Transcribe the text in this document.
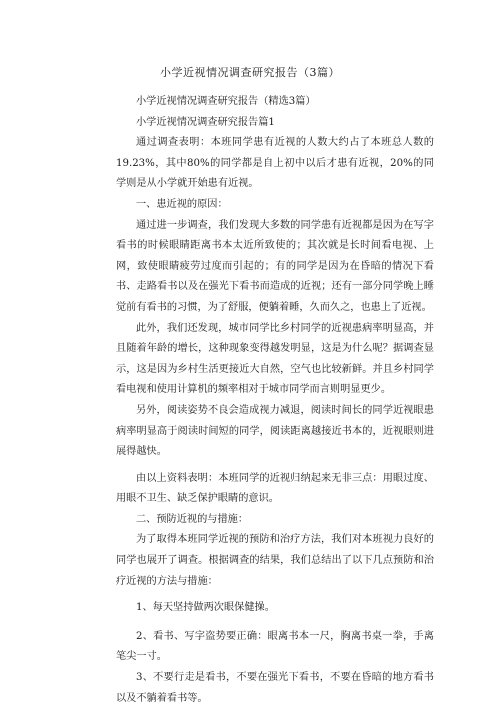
小学近视情况调查研究报告（3篇）

小学近视情况调查研究报告（精选3篇）

小学近视情况调查研究报告篇1

通过调查表明：本班同学患有近视的人数大约占了本班总人数的19.23%，其中80%的同学都是自上初中以后才患有近视，20%的同学则是从小学就开始患有近视。

一、患近视的原因：

通过进一步调查，我们发现大多数的同学患有近视都是因为在写字看书的时候眼睛距离书本太近所致使的；其次就是长时间看电视、上网，致使眼睛疲劳过度而引起的；有的同学是因为在昏暗的情况下看书、走路看书以及在强光下看书而造成的近视；还有一部分同学晚上睡觉前有看书的习惯，为了舒服，便躺着睡，久而久之，也患上了近视。

此外，我们还发现，城市同学比乡村同学的近视患病率明显高，并且随着年龄的增长，这种现象变得越发明显，这是为什么呢？据调查显示，这是因为乡村生活更接近大自然，空气也比较新鲜。并且乡村同学看电视和使用计算机的频率相对于城市同学而言则明显更少。

另外，阅读姿势不良会造成视力减退，阅读时间长的同学近视眼患病率明显高于阅读时间短的同学，阅读距离越接近书本的，近视眼则进展得越快。

由以上资料表明：本班同学的近视归纳起来无非三点：用眼过度、用眼不卫生、缺乏保护眼睛的意识。

二、预防近视的与措施：

为了取得本班同学近视的预防和治疗方法，我们对本班视力良好的同学也展开了调查。根据调查的结果，我们总结出了以下几点预防和治疗近视的方法与措施：

1、每天坚持做两次眼保健操。

2、看书、写字盗势要正确：眼离书本一尺，胸离书桌一拳，手离笔尖一寸。

3、不要行走是看书，不要在强光下看书，不要在昏暗的地方看书以及不躺着看书等。
